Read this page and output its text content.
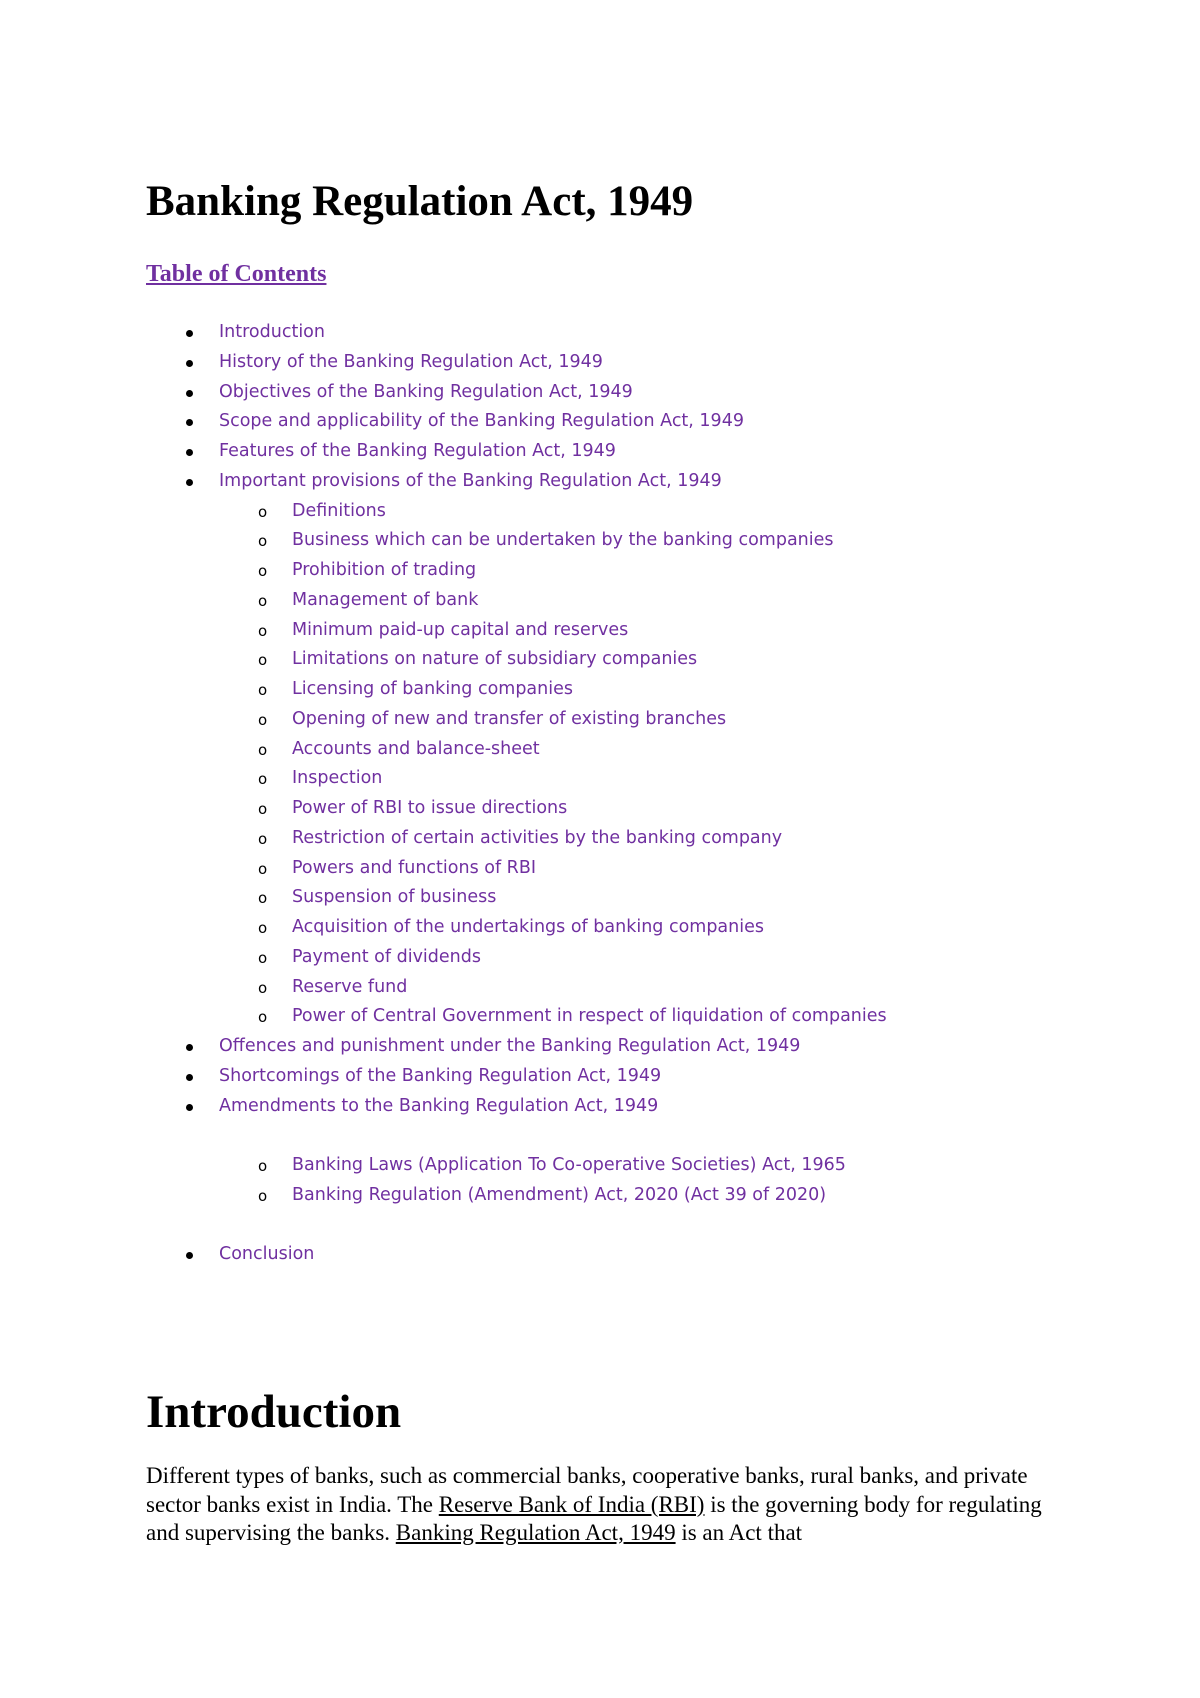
Banking Regulation Act, 1949
Table of Contents
Introduction
History of the Banking Regulation Act, 1949
Objectives of the Banking Regulation Act, 1949
Scope and applicability of the Banking Regulation Act, 1949
Features of the Banking Regulation Act, 1949
Important provisions of the Banking Regulation Act, 1949
o Definitions
o Business which can be undertaken by the banking companies
o Prohibition of trading
o Management of bank
o Minimum paid-up capital and reserves
o Limitations on nature of subsidiary companies
o Licensing of banking companies
o Opening of new and transfer of existing branches
o Accounts and balance-sheet
o Inspection
o Power of RBI to issue directions
o Restriction of certain activities by the banking company
o Powers and functions of RBI
o Suspension of business
o Acquisition of the undertakings of banking companies
o Payment of dividends
o Reserve fund
o Power of Central Government in respect of liquidation of companies
Offences and punishment under the Banking Regulation Act, 1949
Shortcomings of the Banking Regulation Act, 1949
Amendments to the Banking Regulation Act, 1949
o Banking Laws (Application To Co-operative Societies) Act, 1965
o Banking Regulation (Amendment) Act, 2020 (Act 39 of 2020)
Conclusion
Introduction

Different types of banks, such as commercial banks, cooperative banks, rural banks, and private sector banks exist in India. The Reserve Bank of India (RBI) is the governing body for regulating and supervising the banks. Banking Regulation Act, 1949 is an Act that
